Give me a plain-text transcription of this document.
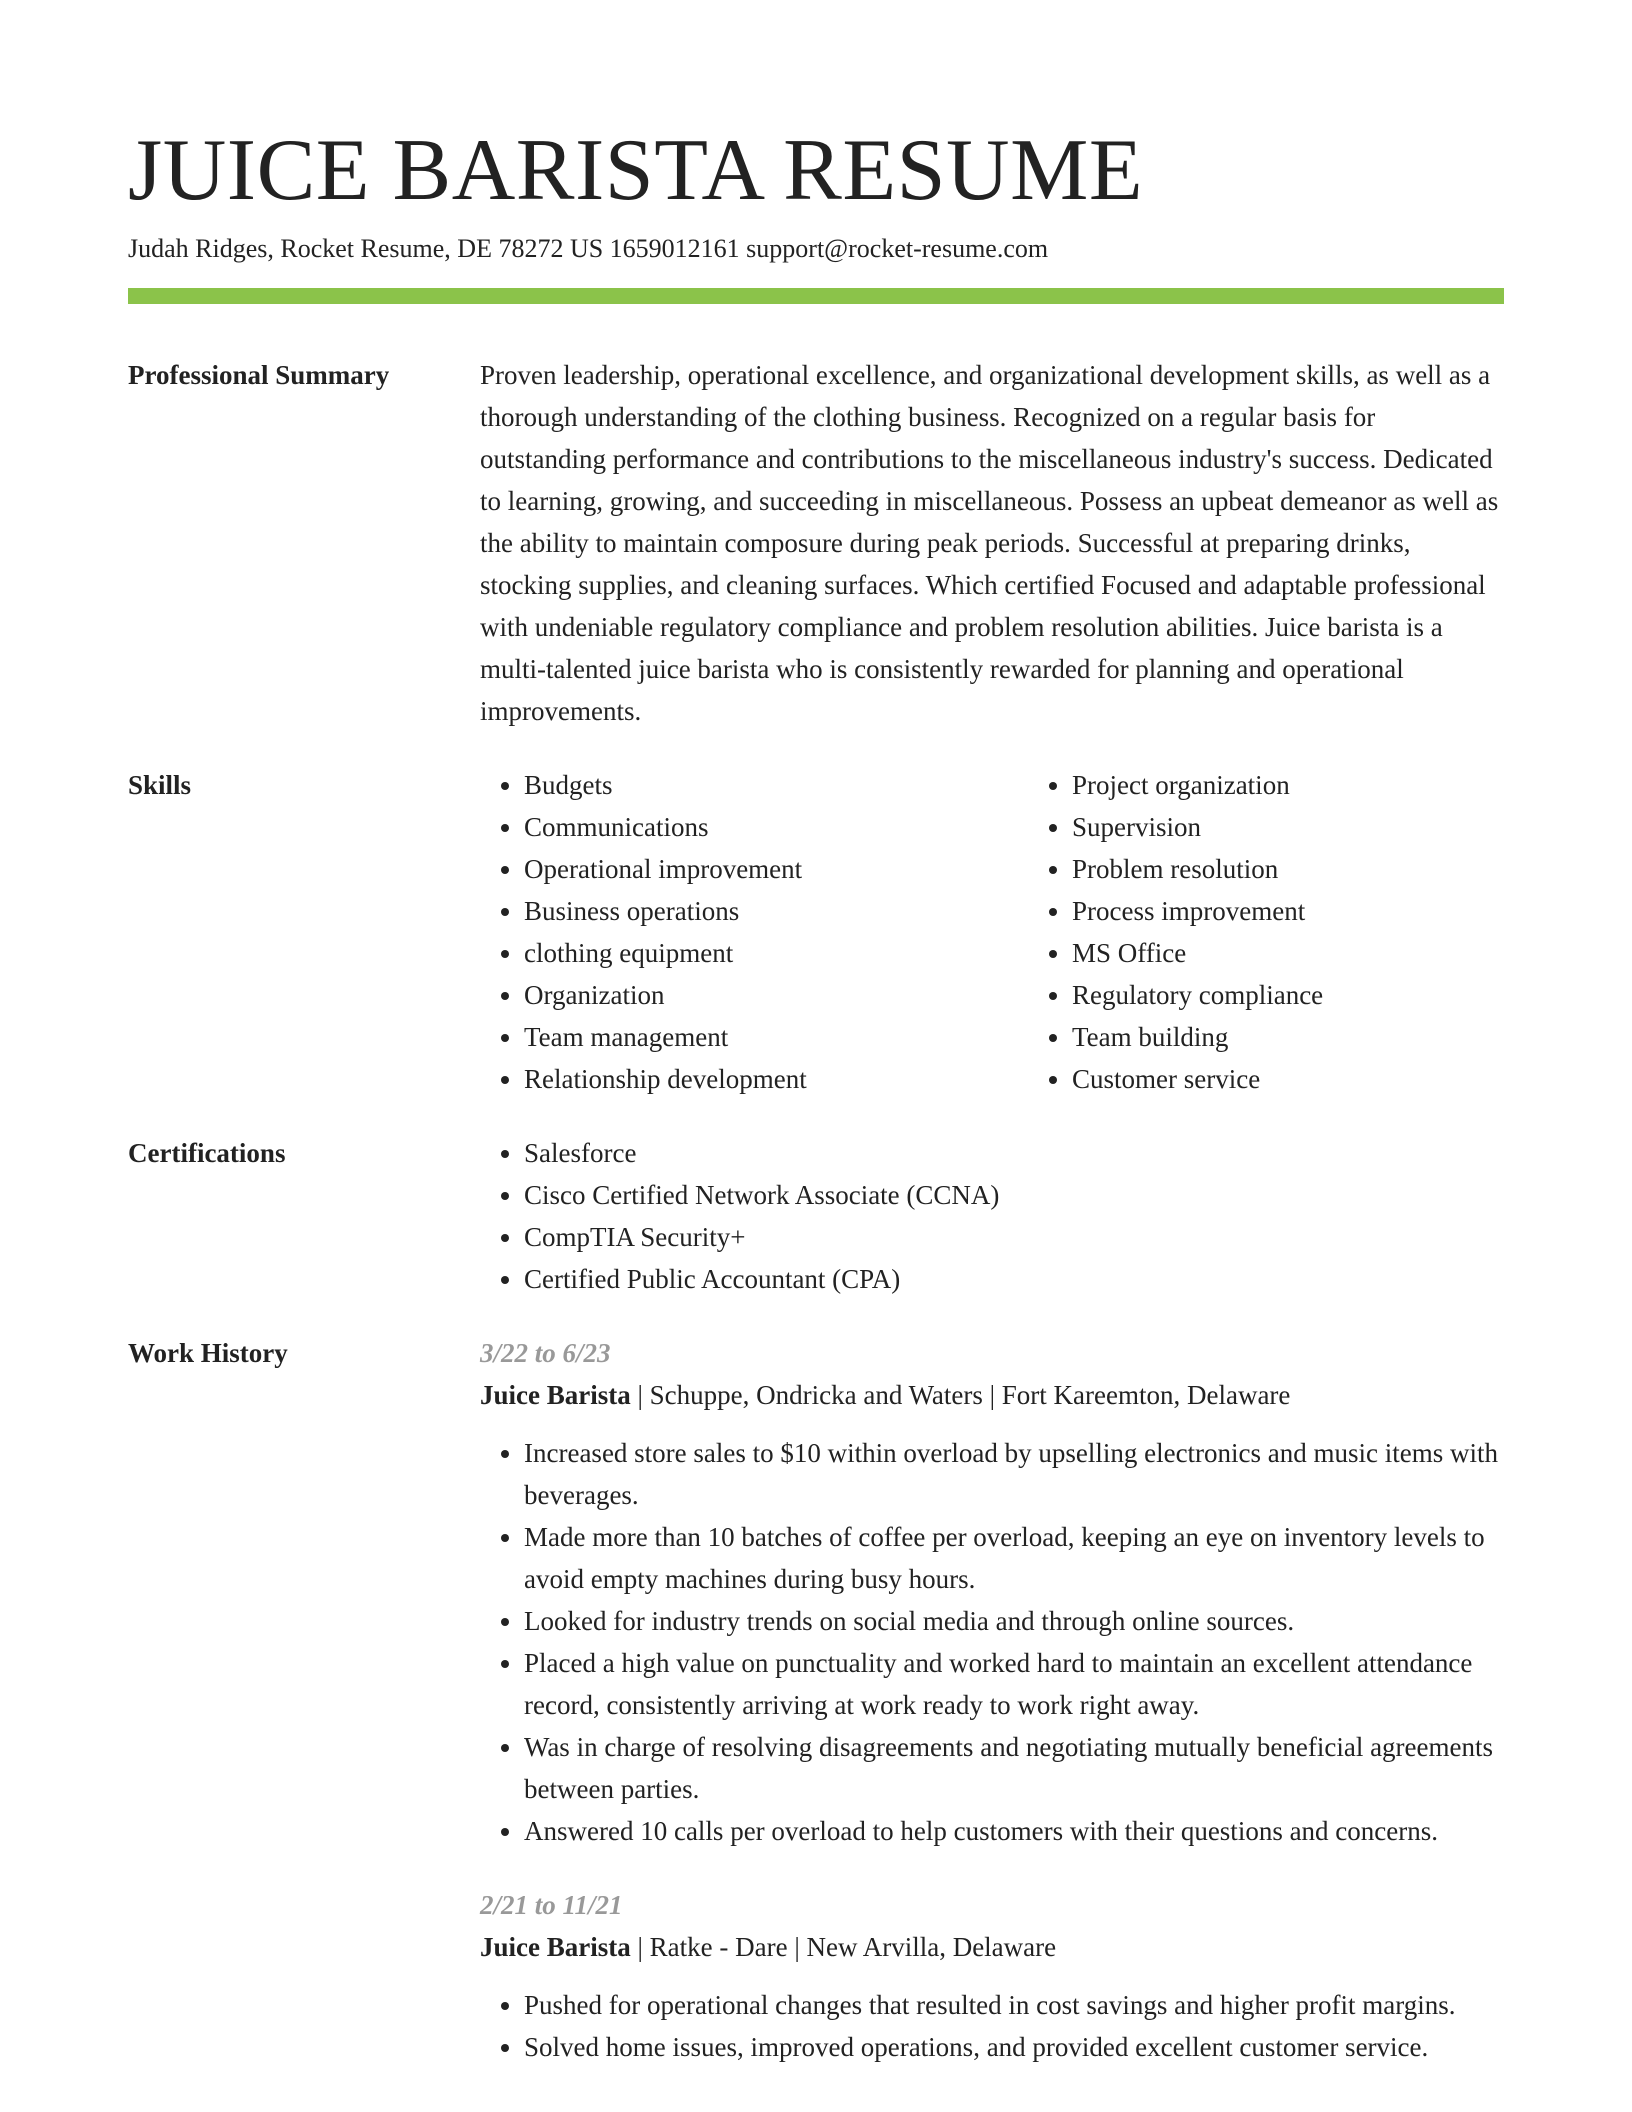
JUICE BARISTA RESUME
Judah Ridges, Rocket Resume, DE 78272 US 1659012161 support@rocket-resume.com
Professional Summary	Proven leadership, operational excellence, and organizational development skills, as well as a thorough understanding of the clothing business. Recognized on a regular basis for outstanding performance and contributions to the miscellaneous industry's success. Dedicated to learning, growing, and succeeding in miscellaneous. Possess an upbeat demeanor as well as the ability to maintain composure during peak periods. Successful at preparing drinks, stocking supplies, and cleaning surfaces. Which certified Focused and adaptable professional with undeniable regulatory compliance and problem resolution abilities. Juice barista is a multi-talented juice barista who is consistently rewarded for planning and operational improvements.

Skills	• Budgets
• Communications
• Operational improvement
• Business operations
• clothing equipment
• Organization
• Team management
• Relationship development
• Project organization
• Supervision
• Problem resolution
• Process improvement
• MS Office
• Regulatory compliance
• Team building
• Customer service
Certifications	• Salesforce
• Cisco Certified Network Associate (CCNA)
• CompTIA Security+
• Certified Public Accountant (CPA)
Work History	3/22 to 6/23
Juice Barista | Schuppe, Ondricka and Waters | Fort Kareemton, Delaware
• Increased store sales to $10 within overload by upselling electronics and music items with beverages.
• Made more than 10 batches of coffee per overload, keeping an eye on inventory levels to avoid empty machines during busy hours.
• Looked for industry trends on social media and through online sources.
• Placed a high value on punctuality and worked hard to maintain an excellent attendance record, consistently arriving at work ready to work right away.
• Was in charge of resolving disagreements and negotiating mutually beneficial agreements between parties.
• Answered 10 calls per overload to help customers with their questions and concerns.
2/21 to 11/21
Juice Barista | Ratke - Dare | New Arvilla, Delaware
• Pushed for operational changes that resulted in cost savings and higher profit margins.
• Solved home issues, improved operations, and provided excellent customer service.
